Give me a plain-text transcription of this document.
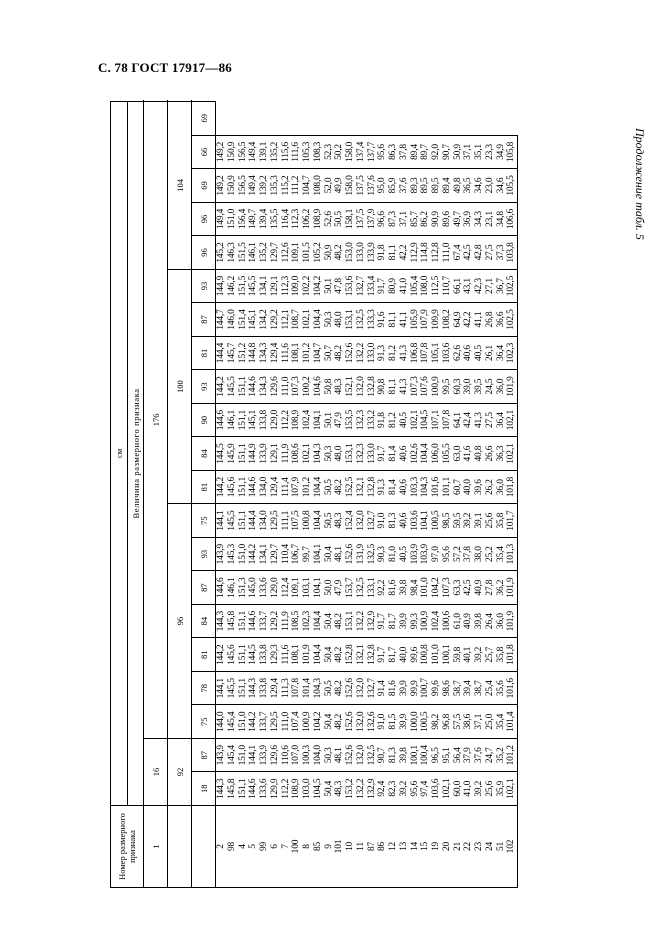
С. 78 ГОСТ 17917—86
Продолжение табл. 5
Номер размерного признака	см																					
	Величина размерного признака																					
1	16		176	
	92		96							100							104			
	18	87	75	78	81	84	87	93	75	81	84	90	93	81	87	93	96	96	69	66	69	
2	144,3	143,9	144,0	144,1	144,2	144,3	144,6	143,9	144,1	144,2	144,5	144,6	144,2	144,4	144,7	144,9	145,2	149,4	149,2	149,2		
98	145,8	145,4	145,4	145,5	145,6	145,8	146,1	145,3	145,5	145,6	145,9	146,1	145,5	145,7	146,0	146,2	146,3	151,0	150,9	150,9		
4	151,1	151,0	151,0	151,1	151,1	151,1	151,3	151,0	151,1	151,1	151,1	151,1	151,1	151,2	151,4	151,5	151,5	156,4	156,5	156,5		
5	144,6	144,1	144,2	144,3	144,5	144,6	145,0	144,2	144,4	144,6	144,9	145,1	144,6	144,8	145,1	145,5	146,1	149,7	149,4	149,4		
99	133,6	133,9	133,7	133,8	133,8	133,7	133,6	134,1	134,0	134,0	133,9	133,8	134,3	134,3	134,2	134,1	135,2	139,4	139,2	139,1		
6	129,9	129,6	129,5	129,4	129,3	129,2	129,0	129,7	129,5	129,4	129,1	129,0	129,6	129,4	129,2	129,1	129,7	135,5	135,3	135,2		
7	112,2	110,6	111,0	111,3	111,6	111,9	112,4	110,4	111,1	111,4	111,9	112,2	111,0	111,6	112,1	112,3	112,6	116,4	115,2	115,6		
100	108,9	107,0	107,4	107,8	108,1	108,5	109,1	106,7	107,5	107,9	108,6	108,9	107,3	108,1	108,7	109,0	109,1	112,3	111,2	111,6		
8	103,0	100,3	100,9	101,4	101,9	102,3	103,1	99,7	100,8	101,2	102,1	102,4	100,2	101,2	102,1	102,2	101,5	106,2	104,7	105,3		
85	104,5	104,0	104,2	104,3	104,4	104,4	104,1	104,1	104,4	104,4	104,3	104,1	104,6	104,7	104,4	104,2	105,2	108,9	108,0	108,3		
9	50,4	50,3	50,4	50,5	50,4	50,4	50,0	50,4	50,5	50,5	50,3	50,1	50,8	50,7	50,3	50,1	50,9	52,6	52,0	52,3		
101	48,3	48,1	48,2	48,2	48,2	48,2	47,9	48,1	48,3	48,2	48,0	47,9	48,3	48,2	48,0	47,8	48,2	50,5	49,9	50,2		
10	153,2	152,6	152,6	152,6	152,8	153,1	153,7	152,6	152,4	152,5	153,1	153,5	152,1	152,6	153,1	153,6	153,0	158,1	158,0	158,0		
11	132,2	132,0	132,0	132,0	132,1	132,2	132,5	131,9	132,0	132,1	132,3	132,3	132,0	132,2	132,5	132,7	133,0	137,5	137,5	137,4		
87	132,9	132,5	132,6	132,7	132,8	132,9	133,1	132,5	132,7	132,8	133,0	133,2	132,8	133,0	133,3	133,4	133,9	137,9	137,6	137,7		
86	92,4	90,7	91,0	91,4	91,7	91,7	92,2	90,3	91,0	91,3	91,7	91,8	90,8	91,3	91,6	91,7	91,8	96,6	95,0	95,6		
12	82,3	81,3	81,5	81,6	81,7	81,7	81,6	81,0	81,3	81,4	81,4	81,2	81,1	81,2	81,1	80,9	81,1	87,3	85,9	86,3		
13	39,2	39,8	39,9	39,9	40,0	39,9	39,8	40,5	40,6	40,6	40,6	40,5	41,3	41,3	41,1	41,0	42,2	37,1	37,6	37,8		
14	95,6	100,1	100,0	99,9	99,6	99,3	98,4	103,9	103,6	103,3	102,6	102,1	107,3	106,8	105,9	105,4	112,9	85,7	89,3	89,4		
15	97,4	100,4	100,5	100,7	100,8	100,9	101,0	103,9	104,1	104,3	104,4	104,5	107,6	107,8	107,9	108,0	114,8	86,2	89,5	89,7		
19	103,6	96,5	98,2	99,6	101,0	102,4	104,2	97,0	100,5	101,6	106,0	107,1	100,9	105,1	109,9	112,5	112,8	90,9	89,5	92,0		
20	102,1	95,1	96,8	98,6	100,1	100,6	107,3	95,6	98,5	101,1	105,5	107,8	99,5	103,6	108,2	110,7	111,0	89,6	89,4	90,7		
21	60,0	56,4	57,5	58,7	59,8	61,0	63,3	57,2	59,5	60,7	63,0	64,1	60,3	62,6	64,9	66,1	67,4	49,7	49,8	50,9		
22	41,0	37,9	38,6	39,4	40,1	40,9	42,5	37,8	39,2	40,0	41,6	42,4	39,0	40,6	42,2	43,1	42,5	36,9	36,5	37,1		
23	39,2	37,6	37,1	38,7	39,2	39,8	40,9	38,0	39,1	39,6	40,8	41,3	39,5	40,5	41,1	42,3	42,8	34,3	34,6	35,1		
24	25,6	24,7	25,0	25,4	25,7	26,4	27,8	25,2	25,6	26,2	26,6	27,5	24,5	26,1	26,8	27,1	27,5	23,1	23,0	23,3		
51	35,9	35,2	35,4	35,6	35,8	36,0	36,2	35,4	35,8	36,0	36,3	36,4	36,0	36,4	36,6	36,7	37,3	34,8	34,6	34,9		
102	102,1	101,2	101,4	101,6	101,8	101,9	101,9	101,3	101,7	101,8	102,1	102,1	101,9	102,3	102,5	102,5	103,8	106,6	105,5	105,8		
